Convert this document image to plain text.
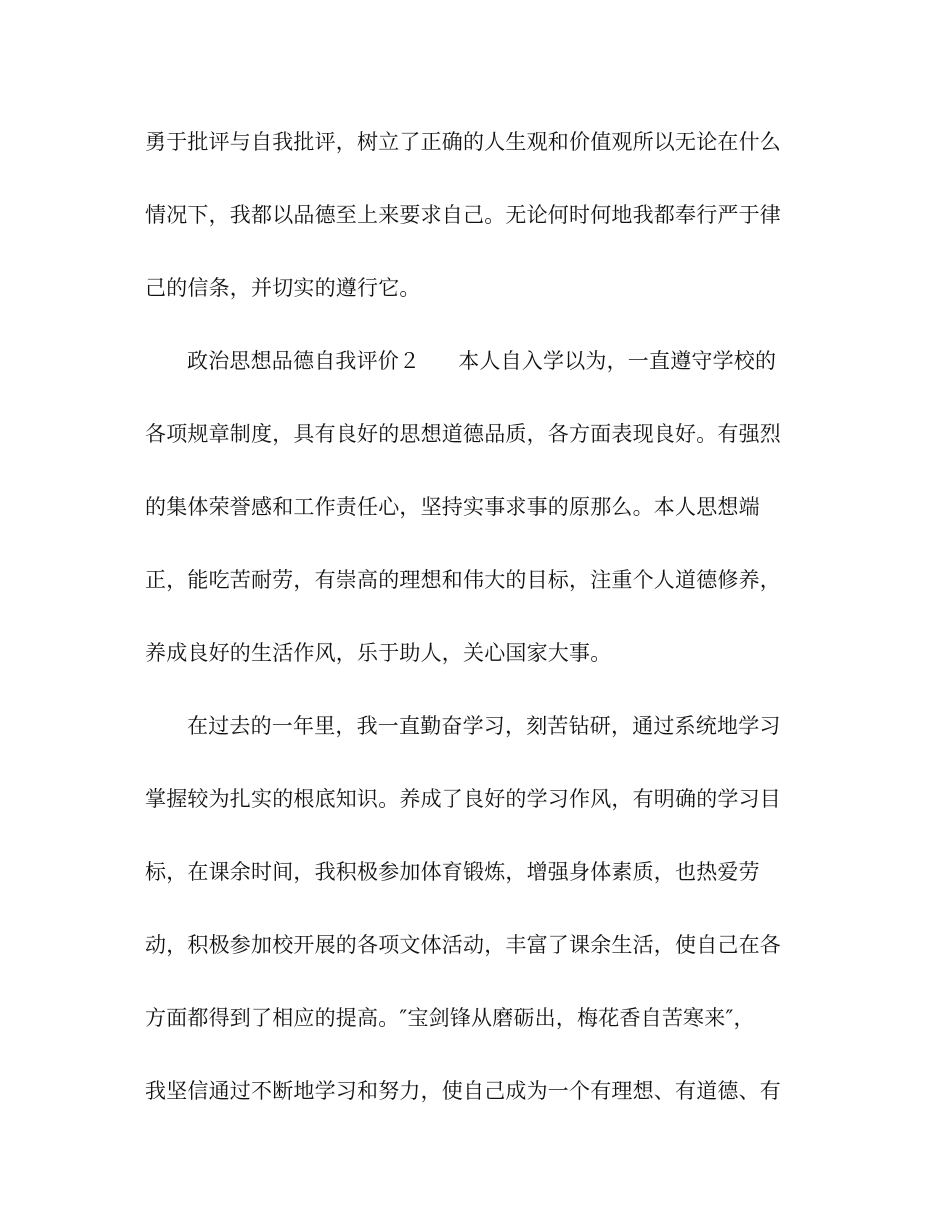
勇于批评与自我批评，树立了正确的人生观和价值观所以无论在什么
情况下，我都以品德至上来要求自己。无论何时何地我都奉行严于律
己的信条，并切实的遵行它。
政治思想品德自我评价２ 本人自入学以为，一直遵守学校的
各项规章制度，具有良好的思想道德品质，各方面表现良好。有强烈
的集体荣誉感和工作责任心，坚持实事求事的原那么。本人思想端
正，能吃苦耐劳，有崇高的理想和伟大的目标，注重个人道德修养，
养成良好的生活作风，乐于助人，关心国家大事。
在过去的一年里，我一直勤奋学习，刻苦钻研，通过系统地学习
掌握较为扎实的根底知识。养成了良好的学习作风，有明确的学习目
标，在课余时间，我积极参加体育锻炼，增强身体素质，也热爱劳
动，积极参加校开展的各项文体活动，丰富了课余生活，使自己在各
方面都得到了相应的提高。″宝剑锋从磨砺出，梅花香自苦寒来″，
我坚信通过不断地学习和努力，使自己成为一个有理想、有道德、有
